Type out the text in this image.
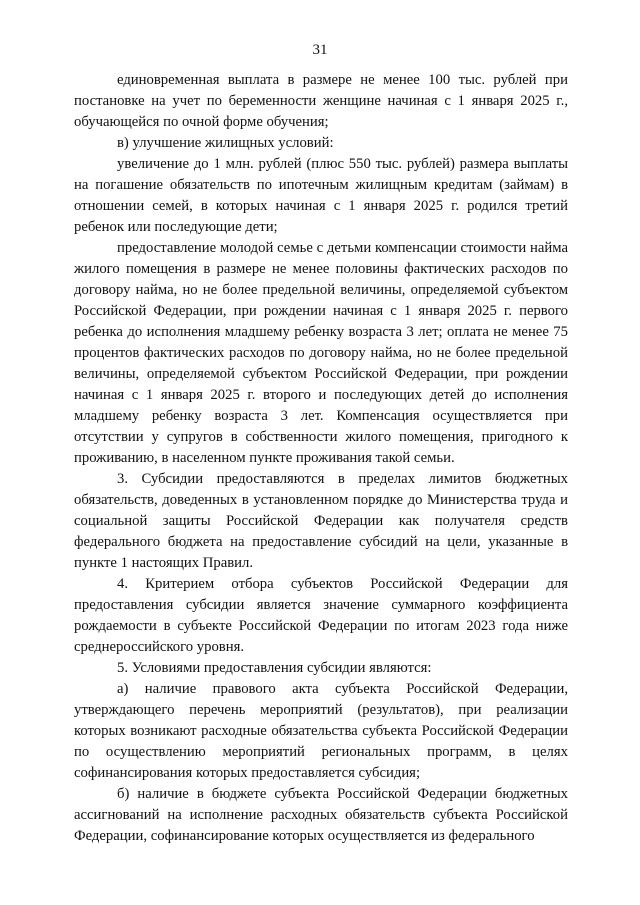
31

единовременная выплата в размере не менее 100 тыс. рублей при постановке на учет по беременности женщине начиная с 1 января 2025 г., обучающейся по очной форме обучения;

в) улучшение жилищных условий:

увеличение до 1 млн. рублей (плюс 550 тыс. рублей) размера выплаты на погашение обязательств по ипотечным жилищным кредитам (займам) в отношении семей, в которых начиная с 1 января 2025 г. родился третий ребенок или последующие дети;

предоставление молодой семье с детьми компенсации стоимости найма жилого помещения в размере не менее половины фактических расходов по договору найма, но не более предельной величины, определяемой субъектом Российской Федерации, при рождении начиная с 1 января 2025 г. первого ребенка до исполнения младшему ребенку возраста 3 лет; оплата не менее 75 процентов фактических расходов по договору найма, но не более предельной величины, определяемой субъектом Российской Федерации, при рождении начиная с 1 января 2025 г. второго и последующих детей до исполнения младшему ребенку возраста 3 лет. Компенсация осуществляется при отсутствии у супругов в собственности жилого помещения, пригодного к проживанию, в населенном пункте проживания такой семьи.

3. Субсидии предоставляются в пределах лимитов бюджетных обязательств, доведенных в установленном порядке до Министерства труда и социальной защиты Российской Федерации как получателя средств федерального бюджета на предоставление субсидий на цели, указанные в пункте 1 настоящих Правил.

4. Критерием отбора субъектов Российской Федерации для предоставления субсидии является значение суммарного коэффициента рождаемости в субъекте Российской Федерации по итогам 2023 года ниже среднероссийского уровня.

5. Условиями предоставления субсидии являются:

а) наличие правового акта субъекта Российской Федерации, утверждающего перечень мероприятий (результатов), при реализации которых возникают расходные обязательства субъекта Российской Федерации по осуществлению мероприятий региональных программ, в целях софинансирования которых предоставляется субсидия;

б) наличие в бюджете субъекта Российской Федерации бюджетных ассигнований на исполнение расходных обязательств субъекта Российской Федерации, софинансирование которых осуществляется из федерального
